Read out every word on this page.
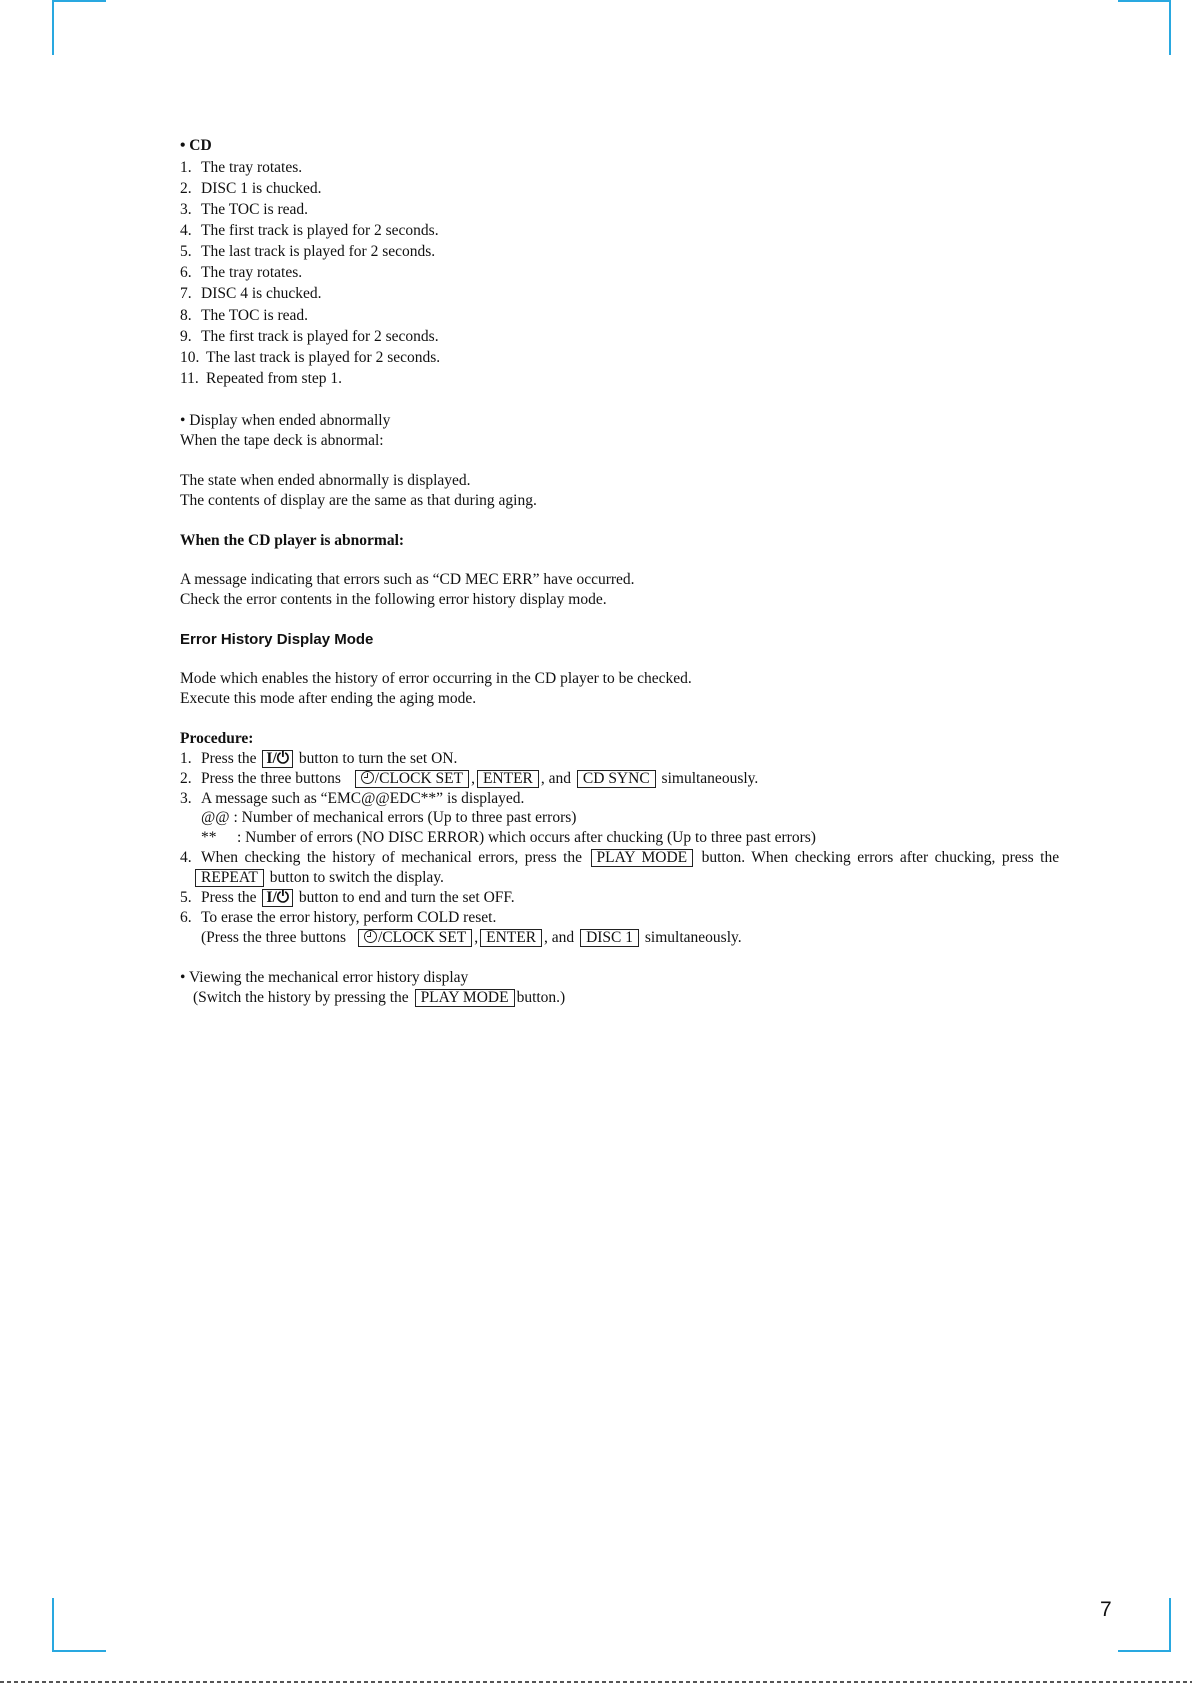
• CD
1. The tray rotates.
2. DISC 1 is chucked.
3. The TOC is read.
4. The first track is played for 2 seconds.
5. The last track is played for 2 seconds.
6. The tray rotates.
7. DISC 4 is chucked.
8. The TOC is read.
9. The first track is played for 2 seconds.
10. The last track is played for 2 seconds.
11. Repeated from step 1.
• Display when ended abnormally
When the tape deck is abnormal:
The state when ended abnormally is displayed.
The contents of display are the same as that during aging.
When the CD player is abnormal:
A message indicating that errors such as “CD MEC ERR” have occurred.
Check the error contents in the following error history display mode.
Error History Display Mode
Mode which enables the history of error occurring in the CD player to be checked.
Execute this mode after ending the aging mode.
Procedure:
1. Press the I/⏻ button to turn the set ON.
2. Press the three buttons /CLOCK SET , ENTER , and CD SYNC simultaneously.
3. A message such as “EMC@@EDC**” is displayed.
@@ : Number of mechanical errors (Up to three past errors)
** : Number of errors (NO DISC ERROR) which occurs after chucking (Up to three past errors)
4. When checking the history of mechanical errors, press the PLAY MODE button. When checking errors after chucking, press the
REPEAT button to switch the display.
5. Press the I/⏻ button to end and turn the set OFF.
6. To erase the error history, perform COLD reset.
(Press the three buttons /CLOCK SET , ENTER , and DISC 1 simultaneously.
• Viewing the mechanical error history display
(Switch the history by pressing the PLAY MODE button.)
7
